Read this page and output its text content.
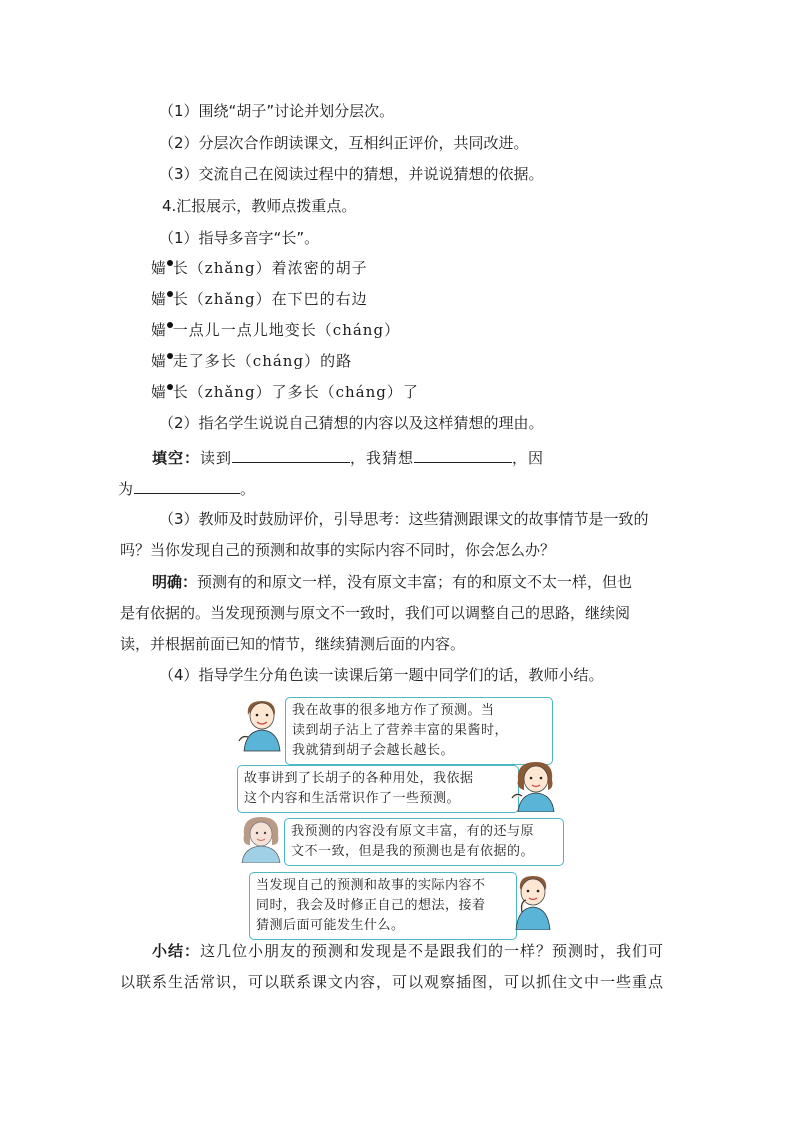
（1）围绕“胡子”讨论并划分层次。
（2）分层次合作朗读课文，互相纠正评价，共同改进。
（3）交流自己在阅读过程中的猜想，并说说猜想的依据。
4.汇报展示，教师点拨重点。
（1）指导多音字“长”。
嫱 长（zhǎng）着浓密的胡子
嫱 长（zhǎng）在下巴的右边
嫱 一点儿一点儿地变长（cháng）
嫱 走了多长（cháng）的路
嫱 长（zhǎng）了多长（cháng）了
（2）指名学生说说自己猜想的内容以及这样猜想的理由。
填空：读到	，我猜想	，因
为	。
（3）教师及时鼓励评价，引导思考：这些猜测跟课文的故事情节是一致的
吗？当你发现自己的预测和故事的实际内容不同时，你会怎么办？
明确：预测有的和原文一样，没有原文丰富；有的和原文不太一样，但也
是有依据的。当发现预测与原文不一致时，我们可以调整自己的思路，继续阅
读，并根据前面已知的情节，继续猜测后面的内容。
（4）指导学生分角色读一读课后第一题中同学们的话，教师小结。
我在故事的很多地方作了预测。当
读到胡子沾上了营养丰富的果酱时，
我就猜到胡子会越长越长。
故事讲到了长胡子的各种用处，我依据
这个内容和生活常识作了一些预测。
我预测的内容没有原文丰富，有的还与原
文不一致，但是我的预测也是有依据的。
当发现自己的预测和故事的实际内容不
同时，我会及时修正自己的想法，接着
猜测后面可能发生什么。
小结：这几位小朋友的预测和发现是不是跟我们的一样？预测时，我们可
以联系生活常识，可以联系课文内容，可以观察插图，可以抓住文中一些重点
